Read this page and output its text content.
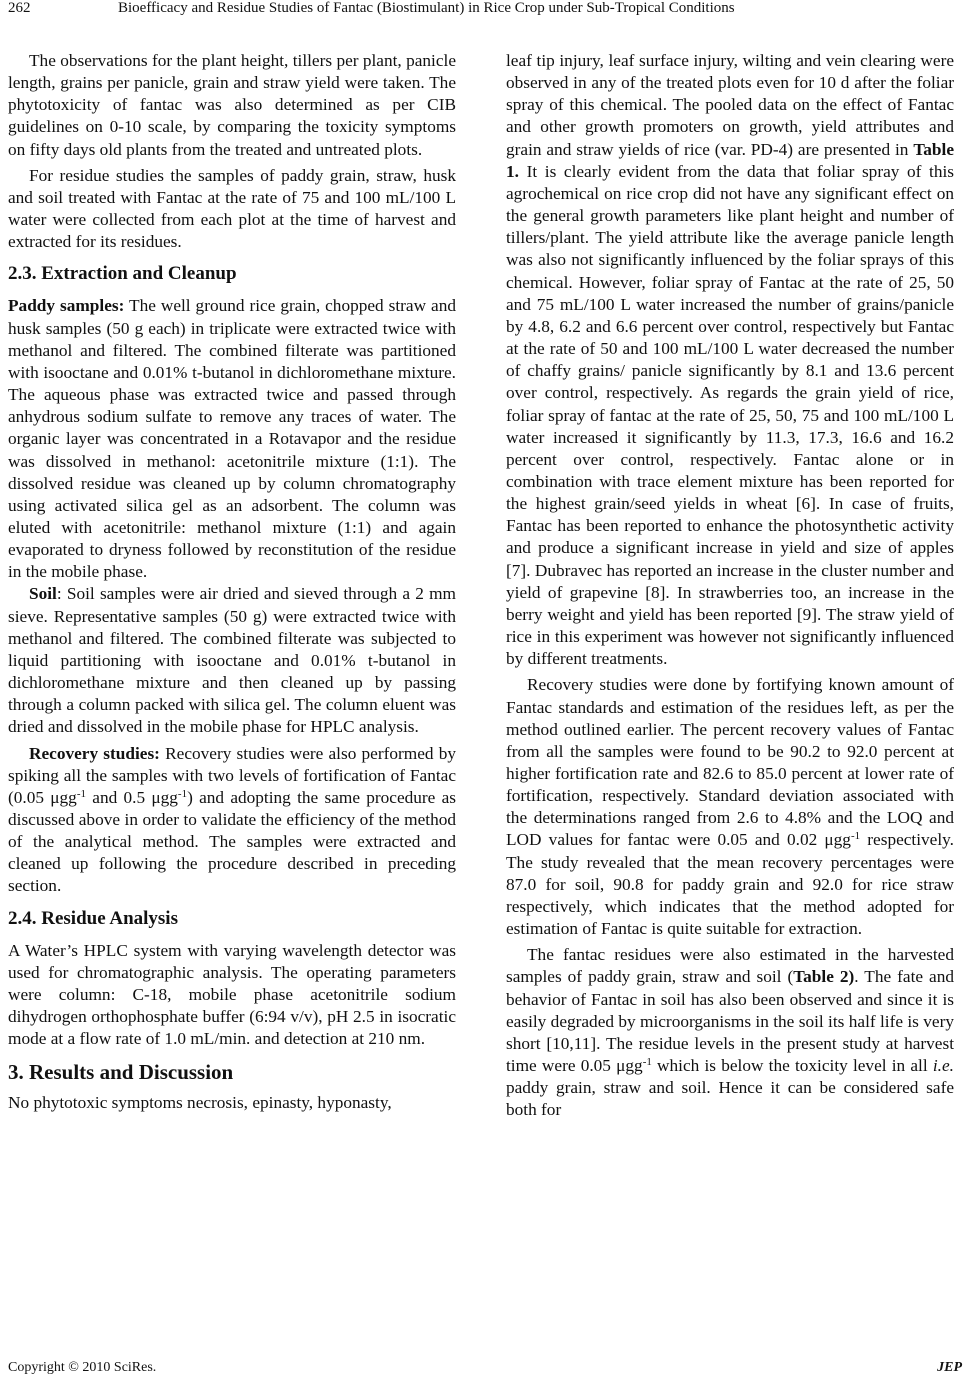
262	Bioefficacy and Residue Studies of Fantac (Biostimulant) in Rice Crop under Sub-Tropical Conditions

The observations for the plant height, tillers per plant, panicle length, grains per panicle, grain and straw yield were taken. The phytotoxicity of fantac was also determined as per CIB guidelines on 0-10 scale, by comparing the toxicity symptoms on fifty days old plants from the treated and untreated plots.

For residue studies the samples of paddy grain, straw, husk and soil treated with Fantac at the rate of 75 and 100 mL/100 L water were collected from each plot at the time of harvest and extracted for its residues.

2.3. Extraction and Cleanup

Paddy samples: The well ground rice grain, chopped straw and husk samples (50 g each) in triplicate were extracted twice with methanol and filtered. The combined filterate was partitioned with isooctane and 0.01% t-butanol in dichloromethane mixture. The aqueous phase was extracted twice and passed through anhydrous sodium sulfate to remove any traces of water. The organic layer was concentrated in a Rotavapor and the residue was dissolved in methanol: acetonitrile mixture (1:1). The dissolved residue was cleaned up by column chromatography using activated silica gel as an adsorbent. The column was eluted with acetonitrile: methanol mixture (1:1) and again evaporated to dryness followed by reconstitution of the residue in the mobile phase.

Soil: Soil samples were air dried and sieved through a 2 mm sieve. Representative samples (50 g) were extracted twice with methanol and filtered. The combined filterate was subjected to liquid partitioning with isooctane and 0.01% t-butanol in dichloromethane mixture and then cleaned up by passing through a column packed with silica gel. The column eluent was dried and dissolved in the mobile phase for HPLC analysis.

Recovery studies: Recovery studies were also performed by spiking all the samples with two levels of fortification of Fantac (0.05 μgg$^{-1}$ and 0.5 μgg$^{-1}$) and adopting the same procedure as discussed above in order to validate the efficiency of the method of the analytical method. The samples were extracted and cleaned up following the procedure described in preceding section.

2.4. Residue Analysis

A Water’s HPLC system with varying wavelength detector was used for chromatographic analysis. The operating parameters were column: C-18, mobile phase acetonitrile sodium dihydrogen orthophosphate buffer (6:94 v/v), pH 2.5 in isocratic mode at a flow rate of 1.0 mL/min. and detection at 210 nm.

3. Results and Discussion

No phytotoxic symptoms necrosis, epinasty, hyponasty,

leaf tip injury, leaf surface injury, wilting and vein clearing were observed in any of the treated plots even for 10 d after the foliar spray of this chemical. The pooled data on the effect of Fantac and other growth promoters on growth, yield attributes and grain and straw yields of rice (var. PD-4) are presented in Table 1. It is clearly evident from the data that foliar spray of this agrochemical on rice crop did not have any significant effect on the general growth parameters like plant height and number of tillers/plant. The yield attribute like the average panicle length was also not significantly influenced by the foliar sprays of this chemical. However, foliar spray of Fantac at the rate of 25, 50 and 75 mL/100 L water increased the number of grains/panicle by 4.8, 6.2 and 6.6 percent over control, respectively but Fantac at the rate of 50 and 100 mL/100 L water decreased the number of chaffy grains/ panicle significantly by 8.1 and 13.6 percent over control, respectively. As regards the grain yield of rice, foliar spray of fantac at the rate of 25, 50, 75 and 100 mL/100 L water increased it significantly by 11.3, 17.3, 16.6 and 16.2 percent over control, respectively. Fantac alone or in combination with trace element mixture has been reported for the highest grain/seed yields in wheat [6]. In case of fruits, Fantac has been reported to enhance the photosynthetic activity and produce a significant increase in yield and size of apples [7]. Dubravec has reported an increase in the cluster number and yield of grapevine [8]. In strawberries too, an increase in the berry weight and yield has been reported [9]. The straw yield of rice in this experiment was however not significantly influenced by different treatments.

Recovery studies were done by fortifying known amount of Fantac standards and estimation of the residues left, as per the method outlined earlier. The percent recovery values of Fantac from all the samples were found to be 90.2 to 92.0 percent at higher fortification rate and 82.6 to 85.0 percent at lower rate of fortification, respectively. Standard deviation associated with the determinations ranged from 2.6 to 4.8% and the LOQ and LOD values for fantac were 0.05 and 0.02 μgg$^{-1}$ respectively. The study revealed that the mean recovery percentages were 87.0 for soil, 90.8 for paddy grain and 92.0 for rice straw respectively, which indicates that the method adopted for estimation of Fantac is quite suitable for extraction.

The fantac residues were also estimated in the harvested samples of paddy grain, straw and soil (Table 2). The fate and behavior of Fantac in soil has also been observed and since it is easily degraded by microorganisms in the soil its half life is very short [10,11]. The residue levels in the present study at harvest time were 0.05 μgg$^{-1}$ which is below the toxicity level in all i.e. paddy grain, straw and soil. Hence it can be considered safe both for

Copyright © 2010 SciRes.	JEP
